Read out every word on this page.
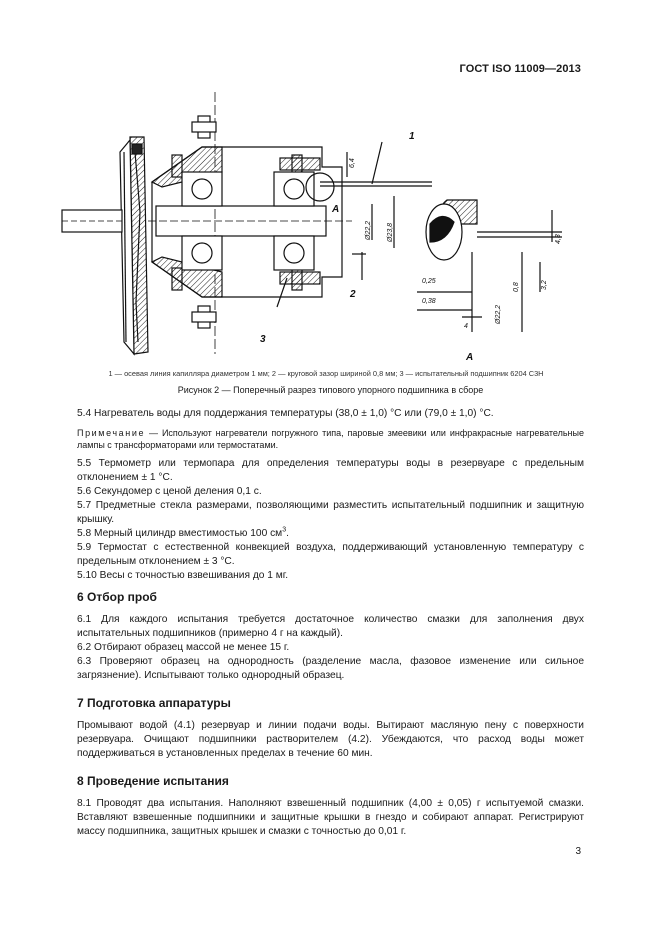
ГОСТ ISO 11009—2013
1
2
3
A
A
6,4
Ø22,2 Ø23,8	4,3
0,25
0,38
4
Ø22,2
0,8	3,2
1 — осевая линия капилляра диаметром 1 мм; 2 — круговой зазор шириной 0,8 мм; 3 — испытательный подшипник 6204 C3H
Рисунок 2 — Поперечный разрез типового упорного подшипника в сборе

5.4 Нагреватель воды для поддержания температуры (38,0 ± 1,0) °C или (79,0 ± 1,0) °C.

Примечание — Используют нагреватели погружного типа, паровые змеевики или инфракрасные нагревательные лампы с трансформаторами или термостатами.

5.5 Термометр или термопара для определения температуры воды в резервуаре с предельным отклонением ± 1 °C.

5.6 Секундомер с ценой деления 0,1 с.

5.7 Предметные стекла размерами, позволяющими разместить испытательный подшипник и защитную крышку.

5.8 Мерный цилиндр вместимостью 100 $см^3$.

5.9 Термостат с естественной конвекцией воздуха, поддерживающий установленную температуру с предельным отклонением ± 3 °C.

5.10 Весы с точностью взвешивания до 1 мг.

6 Отбор проб

6.1 Для каждого испытания требуется достаточное количество смазки для заполнения двух испытательных подшипников (примерно 4 г на каждый).

6.2 Отбирают образец массой не менее 15 г.

6.3 Проверяют образец на однородность (разделение масла, фазовое изменение или сильное загрязнение). Испытывают только однородный образец.

7 Подготовка аппаратуры

Промывают водой (4.1) резервуар и линии подачи воды. Вытирают масляную пену с поверхности резервуара. Очищают подшипники растворителем (4.2). Убеждаются, что расход воды может поддерживаться в установленных пределах в течение 60 мин.

8 Проведение испытания

8.1 Проводят два испытания. Наполняют взвешенный подшипник (4,00 ± 0,05) г испытуемой смазки. Вставляют взвешенные подшипники и защитные крышки в гнездо и собирают аппарат. Регистрируют массу подшипника, защитных крышек и смазки с точностью до 0,01 г.

3
